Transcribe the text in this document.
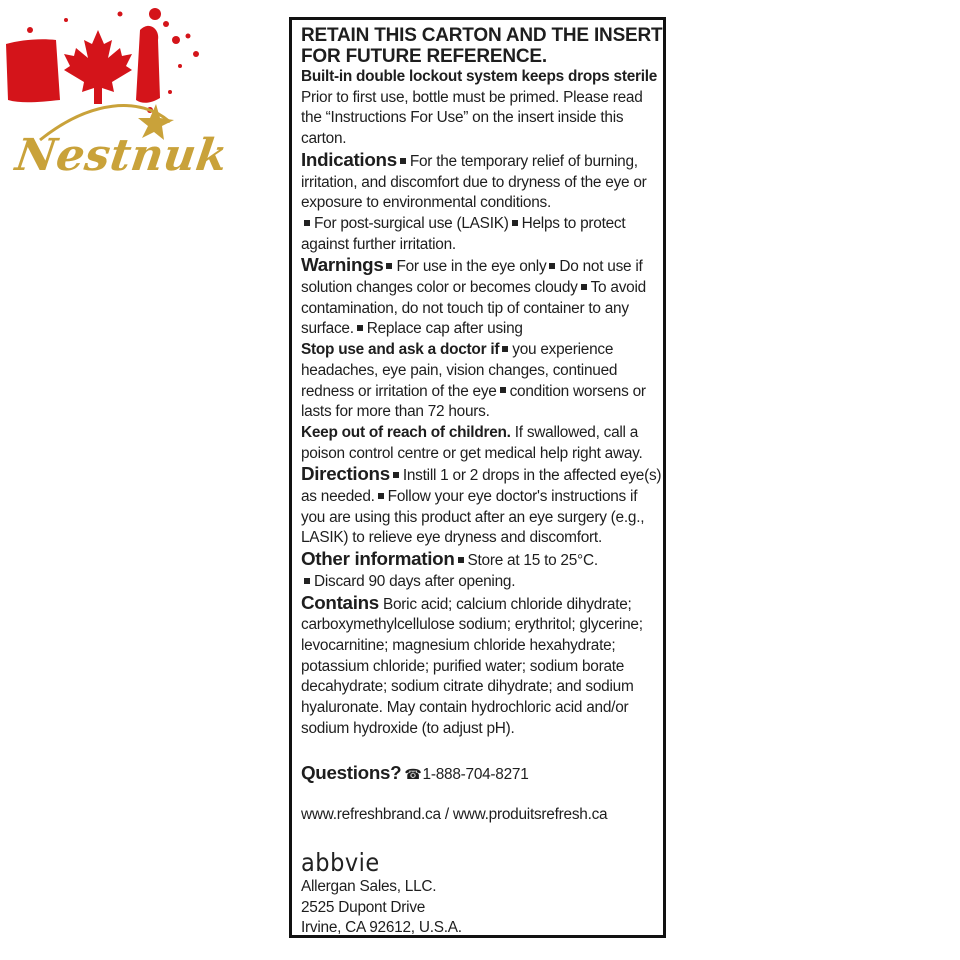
Nestnuk

RETAIN THIS CARTON AND THE INSERT FOR FUTURE REFERENCE.

Built-in double lockout system keeps drops sterile

Prior to first use, bottle must be primed. Please read the “Instructions For Use” on the insert inside this carton.

Indications For the temporary relief of burning, irritation, and discomfort due to dryness of the eye or exposure to environmental conditions.
For post-surgical use (LASIK) Helps to protect against further irritation.

Warnings For use in the eye only Do not use if solution changes color or becomes cloudy To avoid contamination, do not touch tip of container to any surface. Replace cap after using

Stop use and ask a doctor if you experience headaches, eye pain, vision changes, continued redness or irritation of the eye condition worsens or lasts for more than 72 hours.

Keep out of reach of children. If swallowed, call a poison control centre or get medical help right away.

Directions Instill 1 or 2 drops in the affected eye(s) as needed. Follow your eye doctor's instructions if you are using this product after an eye surgery (e.g., LASIK) to relieve eye dryness and discomfort.

Other information Store at 15 to 25°C.
Discard 90 days after opening.

Contains Boric acid; calcium chloride dihydrate; carboxymethylcellulose sodium; erythritol; glycerine; levocarnitine; magnesium chloride hexahydrate; potassium chloride; purified water; sodium borate decahydrate; sodium citrate dihydrate; and sodium hyaluronate. May contain hydrochloric acid and/or sodium hydroxide (to adjust pH).

Questions? ☎1-888-704-8271

www.refreshbrand.ca / www.produitsrefresh.ca

abbvie

Allergan Sales, LLC.
2525 Dupont Drive
Irvine, CA 92612, U.S.A.
